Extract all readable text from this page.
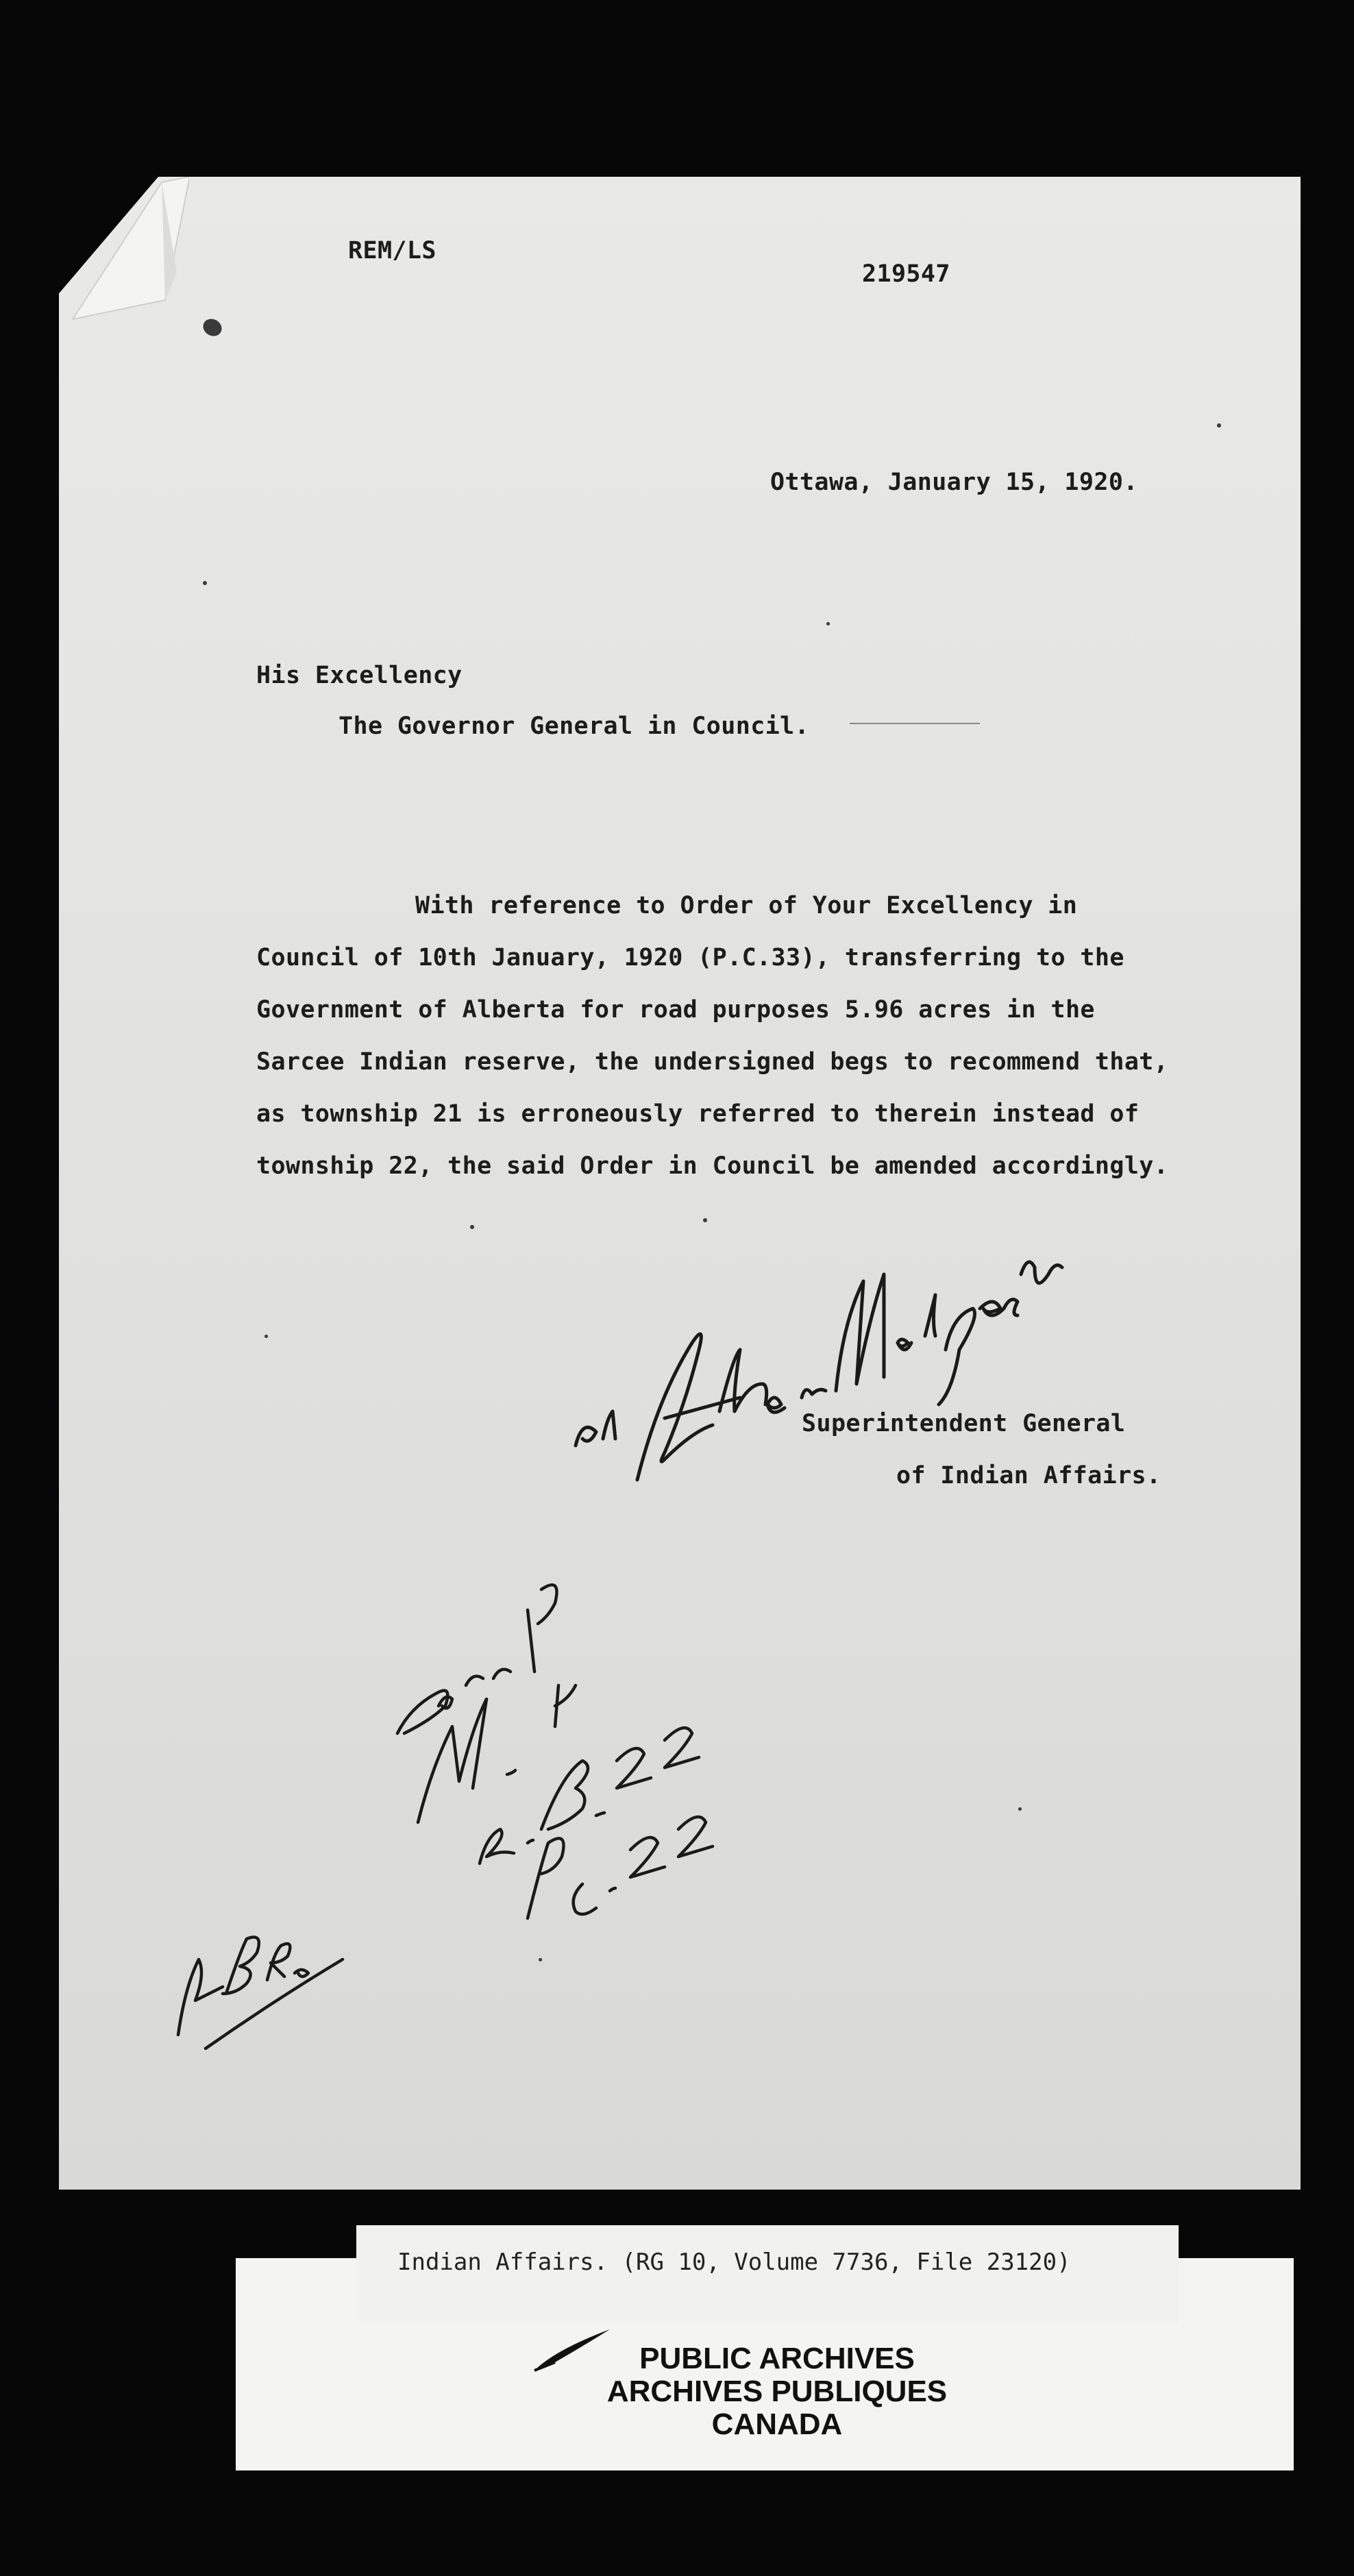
REM/LS

219547

Ottawa, January 15, 1920.

His Excellency

The Governor General in Council.

With reference to Order of Your Excellency in

Council of 10th January, 1920 (P.C.33), transferring to the

Government of Alberta for road purposes 5.96 acres in the

Sarcee Indian reserve, the undersigned begs to recommend that,

as township 21 is erroneously referred to therein instead of

township 22, the said Order in Council be amended accordingly.

Superintendent General

of Indian Affairs.

Indian Affairs. (RG 10, Volume 7736, File 23120)

PUBLIC ARCHIVES

ARCHIVES PUBLIQUES

CANADA
